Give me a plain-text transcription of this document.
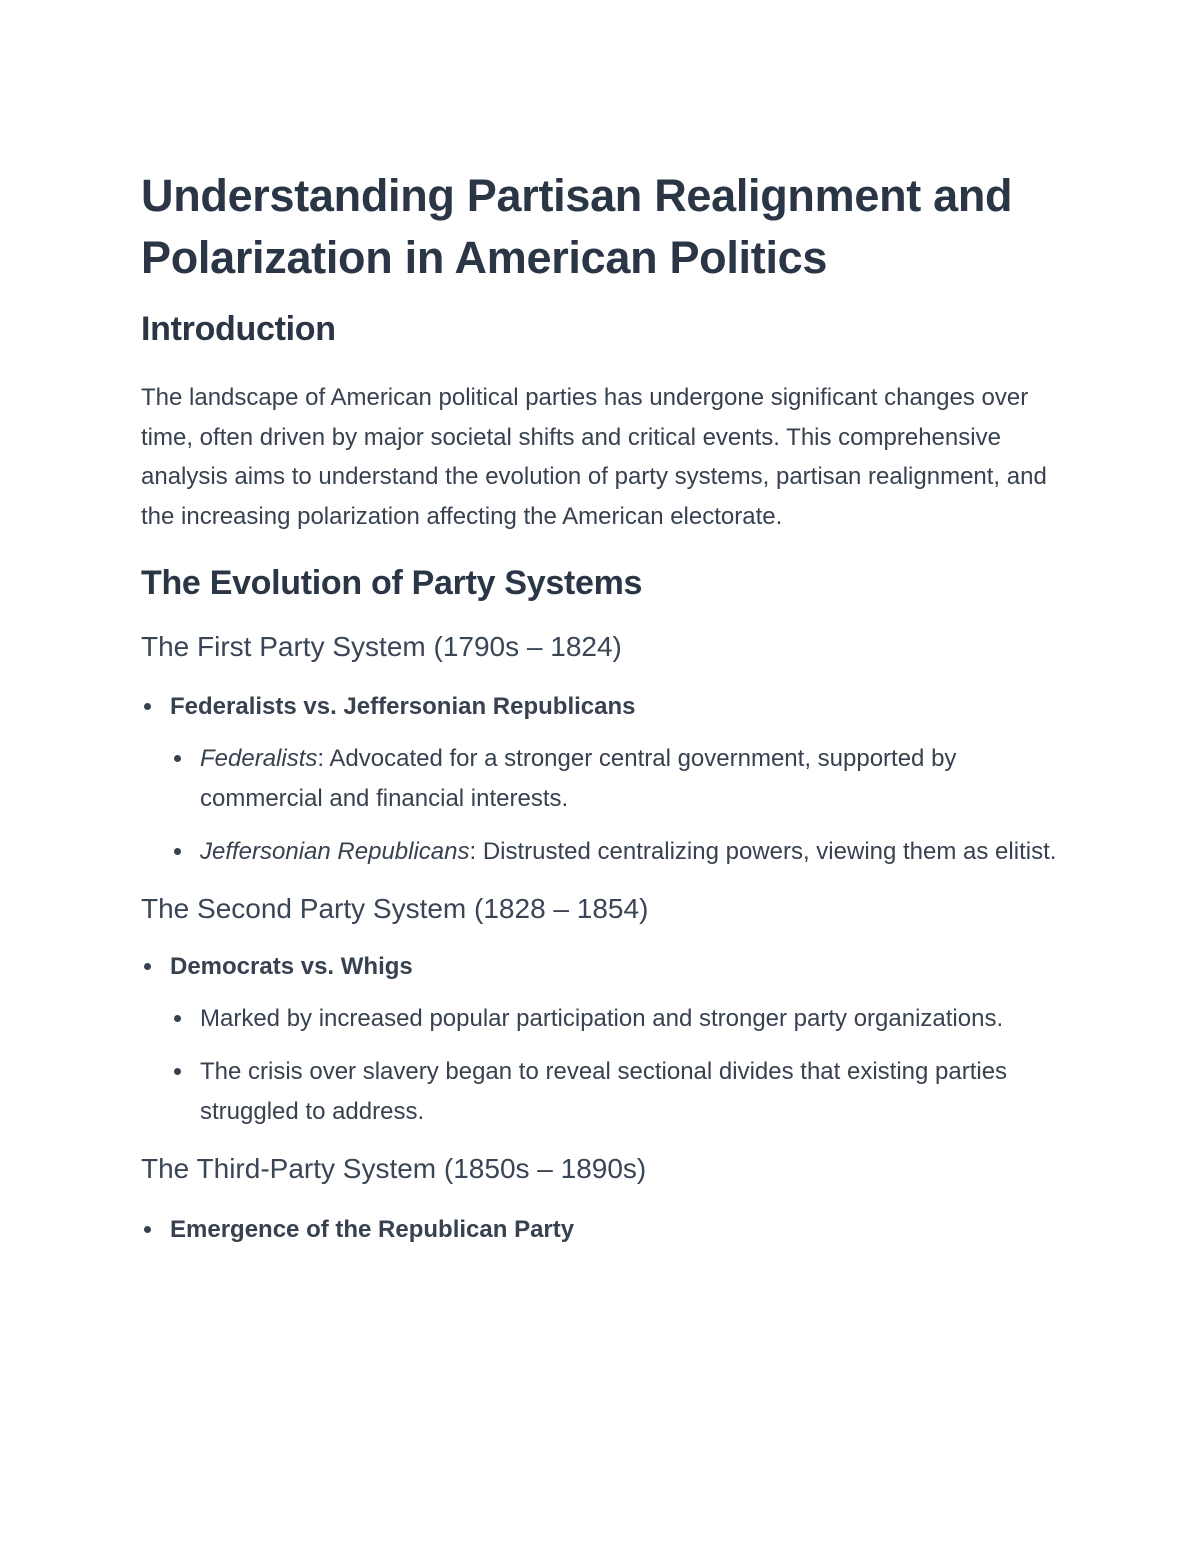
Understanding Partisan Realignment and Polarization in American Politics
Introduction

The landscape of American political parties has undergone significant changes over time, often driven by major societal shifts and critical events. This comprehensive analysis aims to understand the evolution of party systems, partisan realignment, and the increasing polarization affecting the American electorate.

The Evolution of Party Systems
The First Party System (1790s – 1824)
Federalists vs. Jeffersonian Republicans
Federalists: Advocated for a stronger central government, supported by commercial and financial interests.
Jeffersonian Republicans: Distrusted centralizing powers, viewing them as elitist.
The Second Party System (1828 – 1854)
Democrats vs. Whigs
Marked by increased popular participation and stronger party organizations.
The crisis over slavery began to reveal sectional divides that existing parties struggled to address.
The Third-Party System (1850s – 1890s)
Emergence of the Republican Party
